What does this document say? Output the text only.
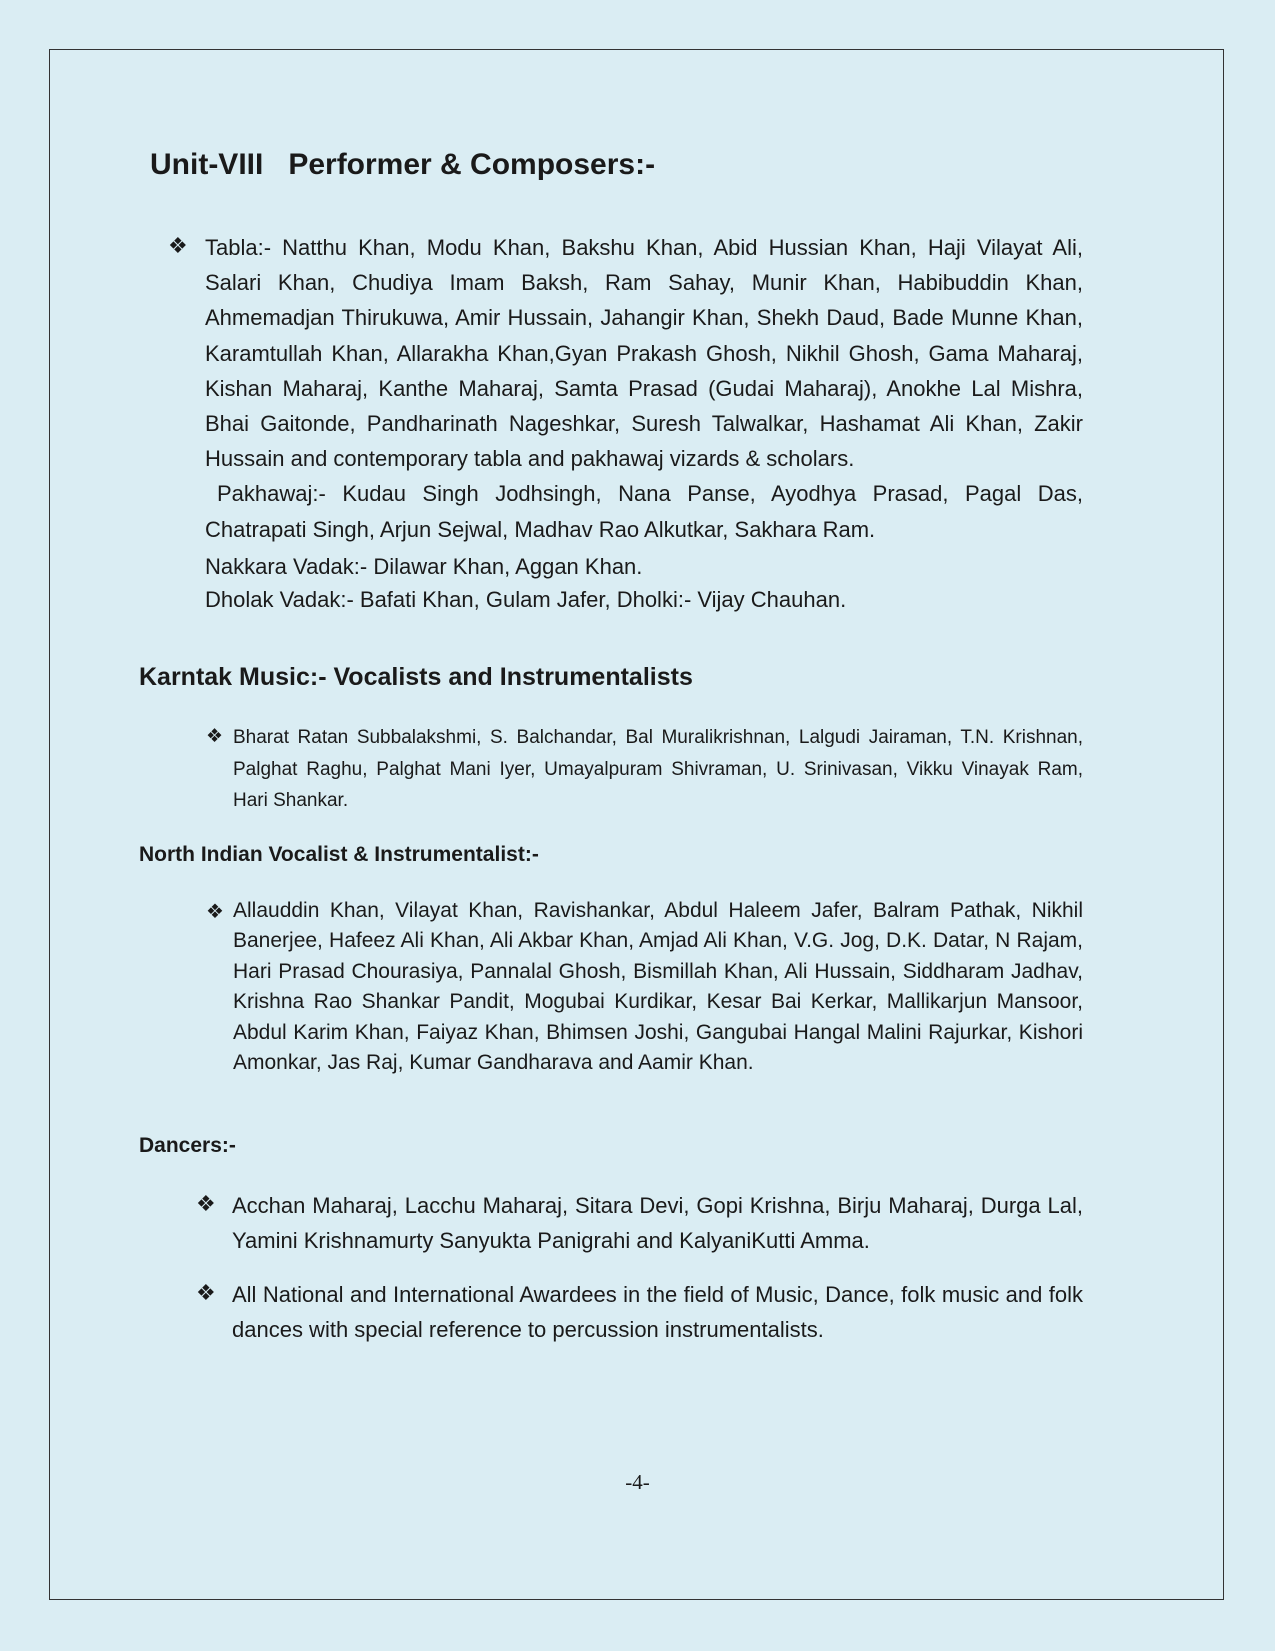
Unit-VIII   Performer & Composers:-
❖ Tabla:- Natthu Khan, Modu Khan, Bakshu Khan, Abid Hussian Khan, Haji Vilayat Ali, Salari Khan, Chudiya Imam Baksh, Ram Sahay, Munir Khan, Habibuddin Khan, Ahmemadjan Thirukuwa, Amir Hussain, Jahangir Khan, Shekh Daud, Bade Munne Khan, Karamtullah Khan, Allarakha Khan,Gyan Prakash Ghosh, Nikhil Ghosh, Gama Maharaj, Kishan Maharaj, Kanthe Maharaj, Samta Prasad (Gudai Maharaj), Anokhe Lal Mishra, Bhai Gaitonde, Pandharinath Nageshkar, Suresh Talwalkar, Hashamat Ali Khan, Zakir Hussain and contemporary tabla and pakhawaj vizards & scholars.

Pakhawaj:- Kudau Singh Jodhsingh, Nana Panse, Ayodhya Prasad, Pagal Das, Chatrapati Singh, Arjun Sejwal, Madhav Rao Alkutkar, Sakhara Ram.

Nakkara Vadak:- Dilawar Khan, Aggan Khan.

Dholak Vadak:- Bafati Khan, Gulam Jafer, Dholki:- Vijay Chauhan.

Karntak Music:- Vocalists and Instrumentalists
❖ Bharat Ratan Subbalakshmi, S. Balchandar, Bal Muralikrishnan, Lalgudi Jairaman, T.N. Krishnan, Palghat Raghu, Palghat Mani Iyer, Umayalpuram Shivraman, U. Srinivasan, Vikku Vinayak Ram, Hari Shankar.

North Indian Vocalist & Instrumentalist:-
❖ Allauddin Khan, Vilayat Khan, Ravishankar, Abdul Haleem Jafer, Balram Pathak, Nikhil Banerjee, Hafeez Ali Khan, Ali Akbar Khan, Amjad Ali Khan, V.G. Jog, D.K. Datar, N Rajam, Hari Prasad Chourasiya, Pannalal Ghosh, Bismillah Khan, Ali Hussain, Siddharam Jadhav, Krishna Rao Shankar Pandit, Mogubai Kurdikar, Kesar Bai Kerkar, Mallikarjun Mansoor, Abdul Karim Khan, Faiyaz Khan, Bhimsen Joshi, Gangubai Hangal Malini Rajurkar, Kishori Amonkar, Jas Raj, Kumar Gandharava and Aamir Khan.

Dancers:-
❖ Acchan Maharaj, Lacchu Maharaj, Sitara Devi, Gopi Krishna, Birju Maharaj, Durga Lal, Yamini Krishnamurty Sanyukta Panigrahi and KalyaniKutti Amma.

❖ All National and International Awardees in the field of Music, Dance, folk music and folk dances with special reference to percussion instrumentalists.

-4-
